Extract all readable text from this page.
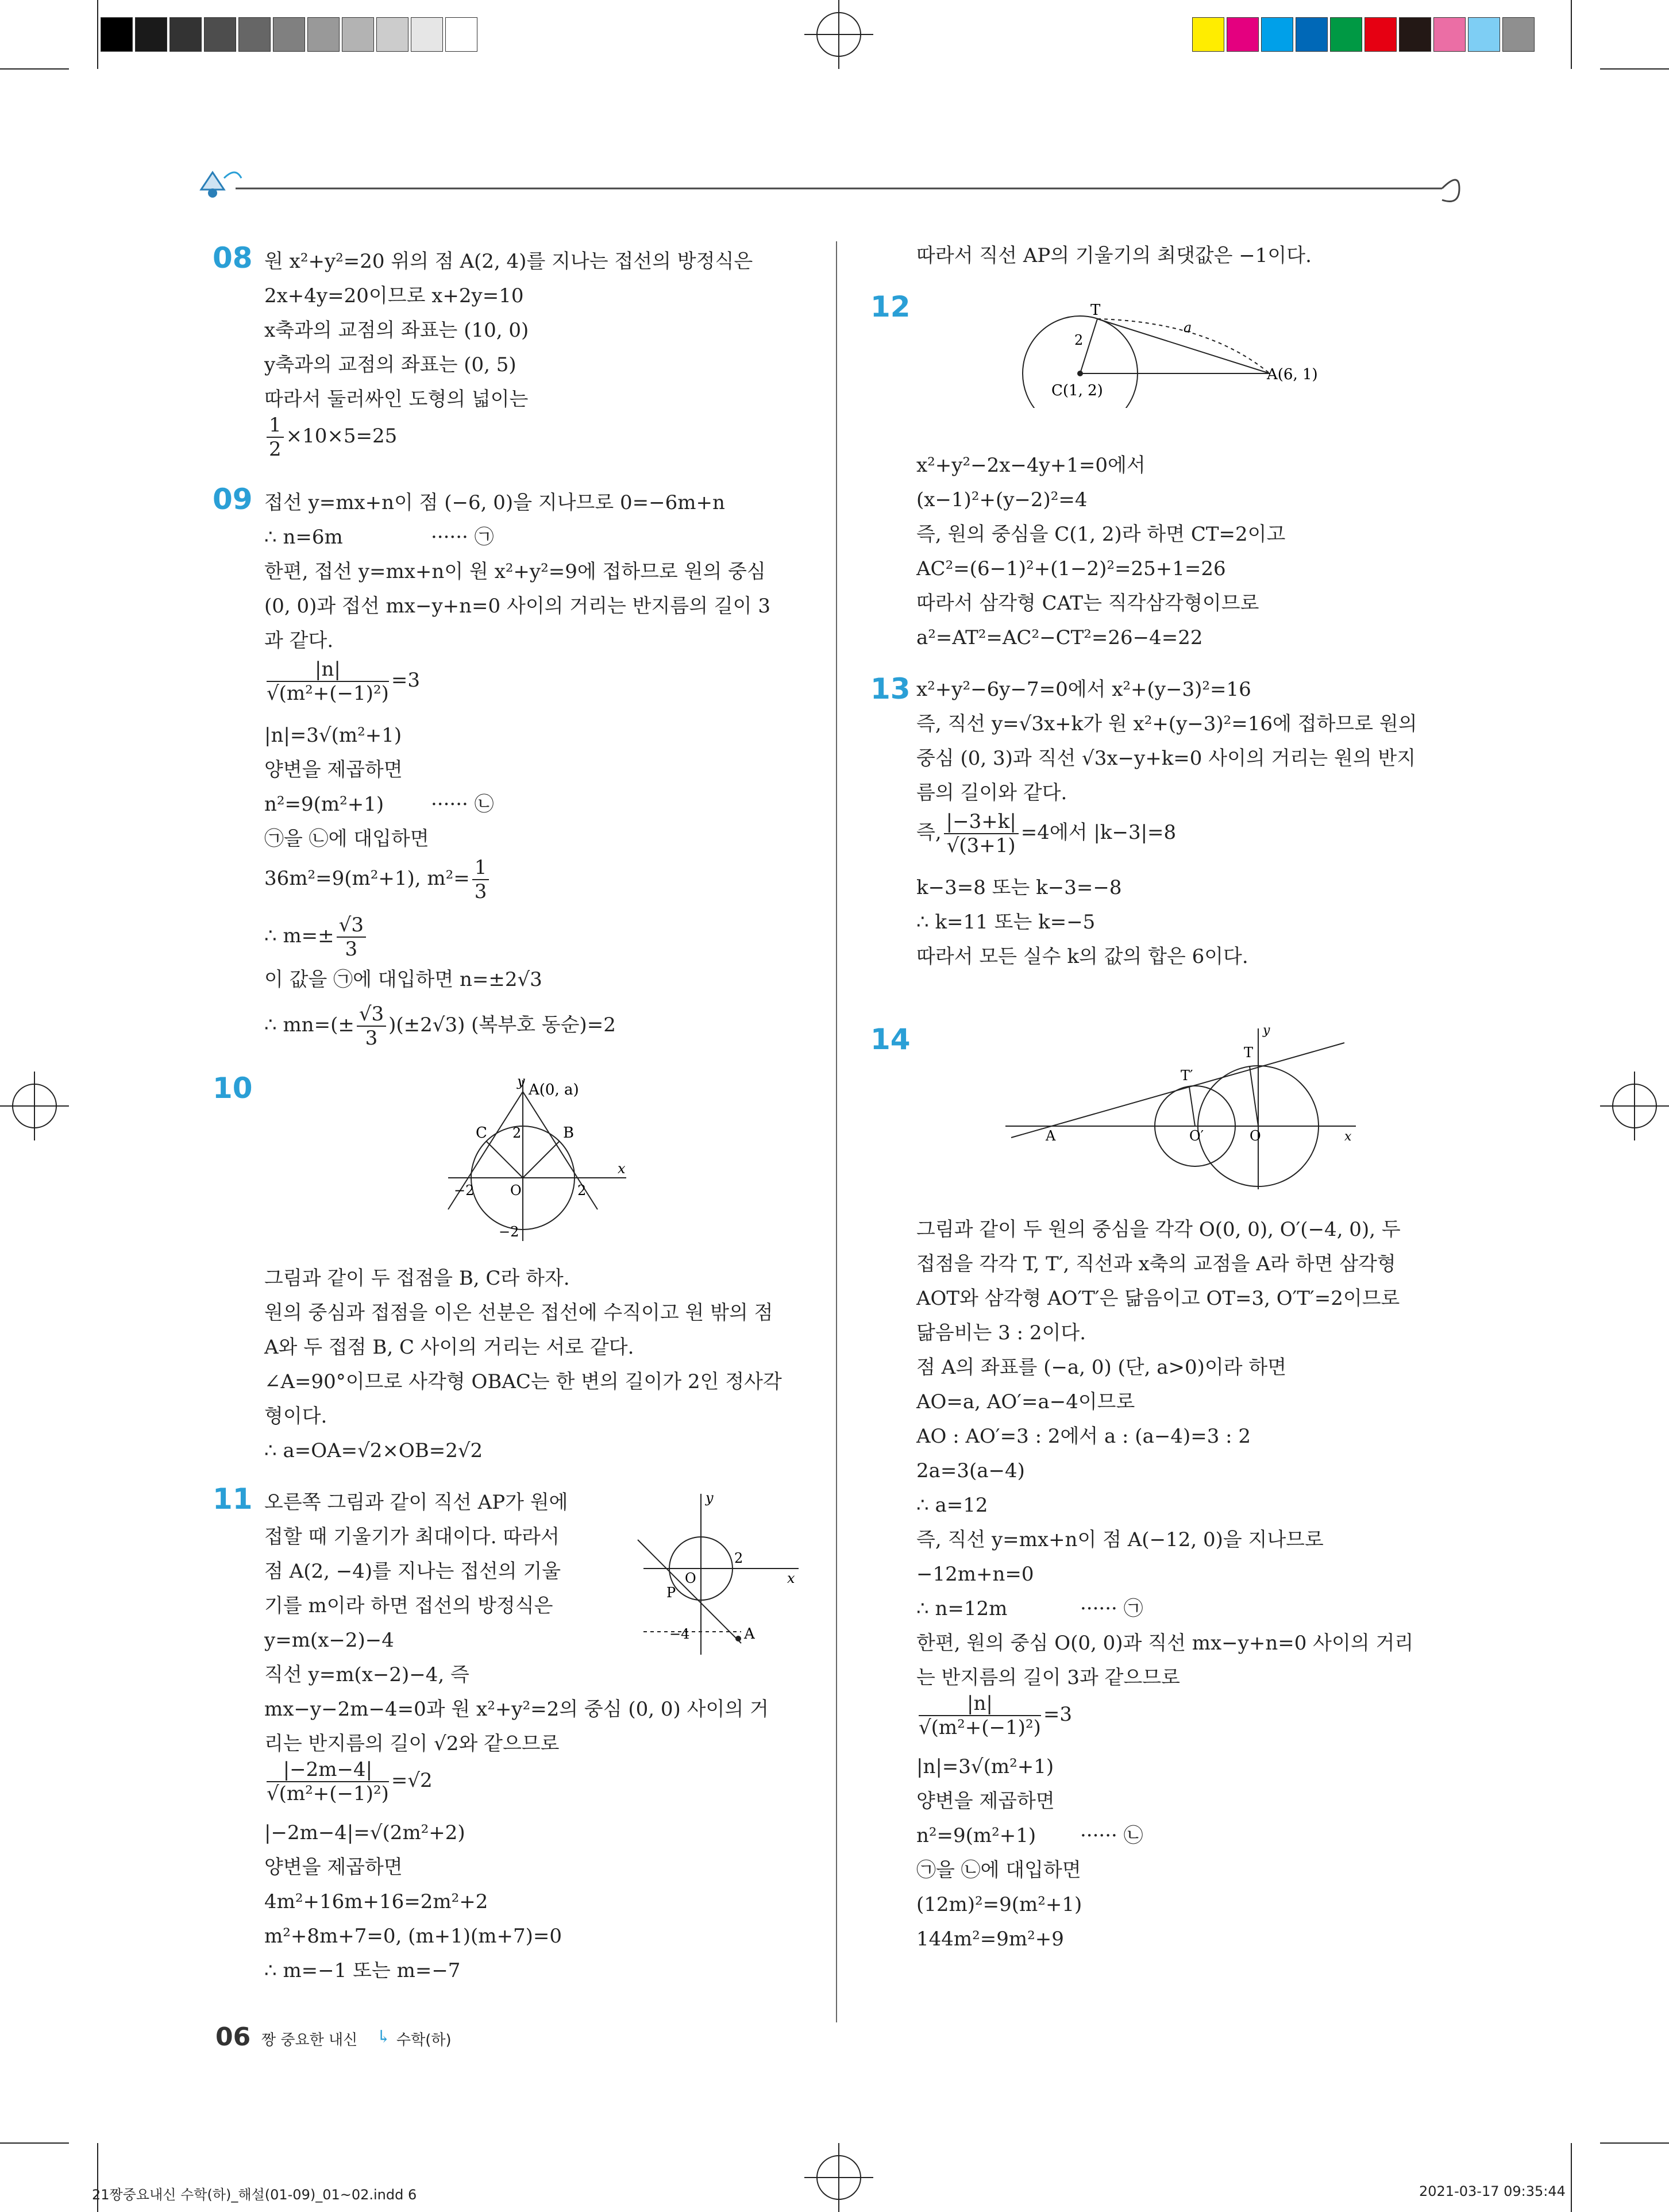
08 원 x²+y²=20 위의 점 A(2, 4)를 지나는 접선의 방정식은
2x+4y=20이므로 x+2y=10
x축과의 교점의 좌표는 (10, 0)
y축과의 교점의 좌표는 (0, 5)
따라서 둘러싸인 도형의 넓이는
$\frac{1}{2} \times 10\times 5=25$
09 접선 y=mx+n이 점 (−6, 0)을 지나므로 0=−6m+n
∴ n=6m	······ ㉠
한편, 접선 y=mx+n이 원 x²+y²=9에 접하므로 원의 중심
(0, 0)과 접선 mx−y+n=0 사이의 거리는 반지름의 길이 3
과 같다.
$\frac{|n|}{\text{√(m²+(−1)²)}} =3$
|n|=3√(m²+1)
양변을 제곱하면
n²=9(m²+1) ······ ㉡
㉠을 ㉡에 대입하면
36m²=9(m²+1), $m^2= \frac{1}{3}$
∴ $m=\pm \frac{√3}{3}$
이 값을 ㉠에 대입하면 n=±2√3
∴ $mn=(\pm \frac{√3}{3} )(\pm 2√3)$ (복부호 동순)=2
10	y A(0, a)
C	B
2
x
−2	O	2
−2
그림과 같이 두 접점을 B, C라 하자.
원의 중심과 접점을 이은 선분은 접선에 수직이고 원 밖의 점
A와 두 접점 B, C 사이의 거리는 서로 같다.
∠A=90°이므로 사각형 OBAC는 한 변의 길이가 2인 정사각
형이다.
∴ a=OA=√2×OB=2√2
11 오른쪽 그림과 같이 직선 AP가 원에
접할 때 기울기가 최대이다. 따라서
점 A(2, −4)를 지나는 접선의 기울
기를 m이라 하면 접선의 방정식은
y=m(x−2)−4
y
O
2
x
P
−4	A
직선 y=m(x−2)−4, 즉
mx−y−2m−4=0과 원 x²+y²=2의 중심 (0, 0) 사이의 거
리는 반지름의 길이 √2와 같으므로
$\frac{|-2m-4|}{\text{√(m²+(−1)²)}} =√2$
|−2m−4|=√(2m²+2)
양변을 제곱하면
4m²+16m+16=2m²+2
m²+8m+7=0, (m+1)(m+7)=0
∴ m=−1 또는 m=−7
따라서 직선 AP의 기울기의 최댓값은 −1이다.
12	T
a
2
A(6, 1)
C(1, 2)
x²+y²−2x−4y+1=0에서
(x−1)²+(y−2)²=4
즉, 원의 중심을 C(1, 2)라 하면 CT=2이고
AC²=(6−1)²+(1−2)²=25+1=26
따라서 삼각형 CAT는 직각삼각형이므로
a²=AT²=AC²−CT²=26−4=22
13 x²+y²−6y−7=0에서 x²+(y−3)²=16
즉, 직선 y=√3x+k가 원 x²+(y−3)²=16에 접하므로 원의
중심 (0, 3)과 직선 √3x−y+k=0 사이의 거리는 원의 반지
름의 길이와 같다.
즉, $\frac{|-3+k|}{√(3+1)} =4$에서 |k−3|=8
k−3=8 또는 k−3=−8
∴ k=11 또는 k=−5
따라서 모든 실수 k의 값의 합은 6이다.
14	y
T
T′
A	O′	O	x
그림과 같이 두 원의 중심을 각각 O(0, 0), O′(−4, 0), 두
접점을 각각 T, T′, 직선과 x축의 교점을 A라 하면 삼각형
AOT와 삼각형 AO′T′은 닮음이고 OT=3, O′T′=2이므로
닮음비는 3 : 2이다.
점 A의 좌표를 (−a, 0) (단, a>0)이라 하면
AO=a, AO′=a−4이므로
AO : AO′=3 : 2에서 a : (a−4)=3 : 2
2a=3(a−4)
∴ a=12
즉, 직선 y=mx+n이 점 A(−12, 0)을 지나므로
−12m+n=0
∴ n=12m	······ ㉠
한편, 원의 중심 O(0, 0)과 직선 mx−y+n=0 사이의 거리
는 반지름의 길이 3과 같으므로
$\frac{|n|}{\text{√(m²+(−1)²)}} =3$
|n|=3√(m²+1)
양변을 제곱하면
n²=9(m²+1) ······ ㉡
㉠을 ㉡에 대입하면
(12m)²=9(m²+1)
144m²=9m²+9
06 짱 중요한 내신 ↳ 수학(하)
21짱중요내신 수학(하)_해설(01-09)_01~02.indd 6	2021-03-17 09:35:44
